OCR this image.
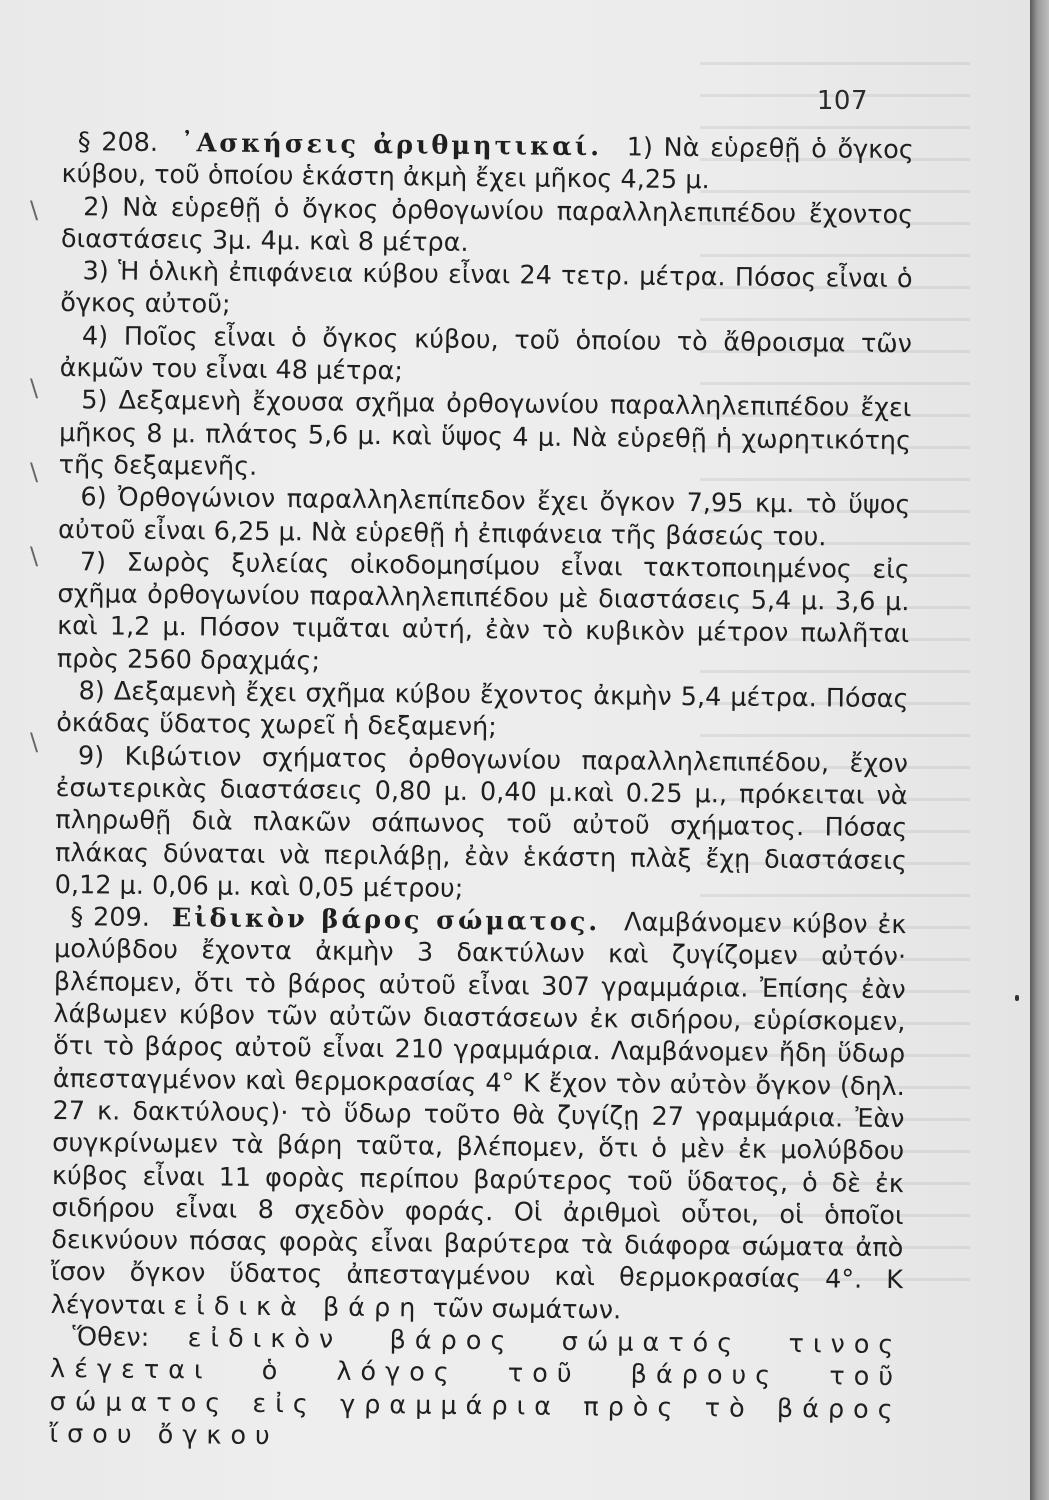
107
\
\
\
\
\

§ 208. ᾿Ασκήσεις ἀριθμητικαί. 1) Νὰ εὑρεθῇ ὁ ὄγκος κύβου, τοῦ ὁποίου ἑκάστη ἀκμὴ ἔχει μῆκος 4,25 μ.

2) Νὰ εὑρεθῇ ὁ ὄγκος ὀρθογωνίου παραλληλεπιπέδου ἔχοντος διαστάσεις 3μ. 4μ. καὶ 8 μέτρα.

3) Ἡ ὁλικὴ ἐπιφάνεια κύβου εἶναι 24 τετρ. μέτρα. Πόσος εἶναι ὁ ὄγκος αὐτοῦ;

4) Ποῖος εἶναι ὁ ὄγκος κύβου, τοῦ ὁποίου τὸ ἄθροισμα τῶν ἀκμῶν του εἶναι 48 μέτρα;

5) Δεξαμενὴ ἔχουσα σχῆμα ὀρθογωνίου παραλληλεπιπέδου ἔχει μῆκος 8 μ. πλάτος 5,6 μ. καὶ ὕψος 4 μ. Νὰ εὑρεθῇ ἡ χωρητικότης τῆς δεξαμενῆς.

6) Ὀρθογώνιον παραλληλεπίπεδον ἔχει ὄγκον 7,95 κμ. τὸ ὕψος αὐτοῦ εἶναι 6,25 μ. Νὰ εὑρεθῇ ἡ ἐπιφάνεια τῆς βάσεώς του.

7) Σωρὸς ξυλείας οἰκοδομησίμου εἶναι τακτοποιημένος εἰς σχῆμα ὀρθογωνίου παραλληλεπιπέδου μὲ διαστάσεις 5,4 μ. 3,6 μ. καὶ 1,2 μ. Πόσον τιμᾶται αὐτή, ἐὰν τὸ κυβικὸν μέτρον πωλῆται πρὸς 2560 δραχμάς;

8) Δεξαμενὴ ἔχει σχῆμα κύβου ἔχοντος ἀκμὴν 5,4 μέτρα. Πόσας ὀκάδας ὕδατος χωρεῖ ἡ δεξαμενή;

9) Κιβώτιον σχήματος ὀρθογωνίου παραλληλεπιπέδου, ἔχον ἐσωτερικὰς διαστάσεις 0,80 μ. 0,40 μ.καὶ 0.25 μ., πρόκειται νὰ πληρωθῇ διὰ πλακῶν σάπωνος τοῦ αὐτοῦ σχήματος. Πόσας πλάκας δύναται νὰ περιλάβῃ, ἐὰν ἑκάστη πλὰξ ἔχῃ διαστάσεις 0,12 μ. 0,06 μ. καὶ 0,05 μέτρου;

§ 209. Εἰδικὸν βάρος σώματος. Λαμβάνομεν κύβον ἐκ μολύβδου ἔχοντα ἀκμὴν 3 δακτύλων καὶ ζυγίζομεν αὐτόν· βλέπομεν, ὅτι τὸ βάρος αὐτοῦ εἶναι 307 γραμμάρια. Ἐπίσης ἐὰν λάβωμεν κύβον τῶν αὐτῶν διαστάσεων ἐκ σιδήρου, εὑρίσκομεν, ὅτι τὸ βάρος αὐτοῦ εἶναι 210 γραμμάρια. Λαμβάνομεν ἤδη ὕδωρ ἀπεσταγμένον καὶ θερμοκρασίας 4° Κ ἔχον τὸν αὐτὸν ὄγκον (δηλ. 27 κ. δακτύλους)· τὸ ὕδωρ τοῦτο θὰ ζυγίζῃ 27 γραμμάρια. Ἐὰν συγκρίνωμεν τὰ βάρη ταῦτα, βλέπομεν, ὅτι ὁ μὲν ἐκ μολύβδου κύβος εἶναι 11 φορὰς περίπου βαρύτερος τοῦ ὕδατος, ὁ δὲ ἐκ σιδήρου εἶναι 8 σχεδὸν φοράς. Οἱ ἀριθμοὶ οὗτοι, οἱ ὁποῖοι δεικνύουν πόσας φορὰς εἶναι βαρύτερα τὰ διάφορα σώματα ἀπὸ ἴσον ὄγκον ὕδατος ἀπεσταγμένου καὶ θερμοκρασίας 4°. Κ λέγονται εἰδικὰ βάρη τῶν σωμάτων.

Ὅθεν: εἰδικὸν βάρος σώματός τινος λέγεται ὁ λόγος τοῦ βάρους τοῦ σώματος εἰς γραμμάρια πρὸς τὸ βάρος ἴσου ὄγκου
